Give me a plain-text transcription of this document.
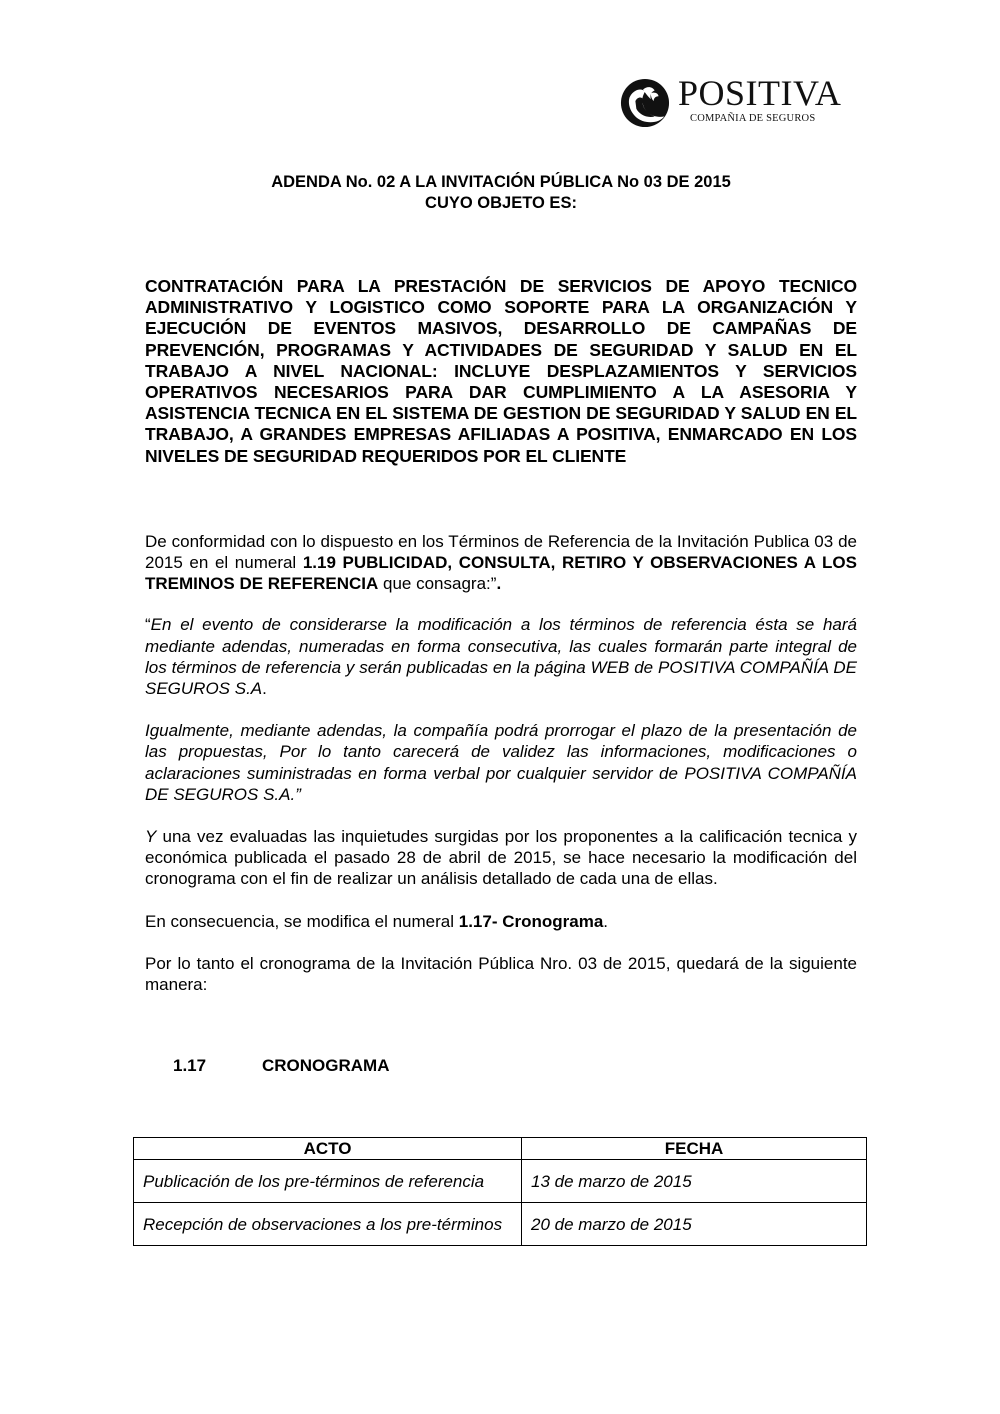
POSITIVA
COMPAÑIA DE SEGUROS
ADENDA No. 02 A LA INVITACIÓN PÚBLICA No 03 DE 2015
CUYO OBJETO ES:
CONTRATACIÓN PARA LA PRESTACIÓN DE SERVICIOS DE APOYO TECNICO ADMINISTRATIVO Y LOGISTICO COMO SOPORTE PARA LA ORGANIZACIÓN Y EJECUCIÓN DE EVENTOS MASIVOS, DESARROLLO DE CAMPAÑAS DE PREVENCIÓN, PROGRAMAS Y ACTIVIDADES DE SEGURIDAD Y SALUD EN EL TRABAJO A NIVEL NACIONAL: INCLUYE DESPLAZAMIENTOS Y SERVICIOS OPERATIVOS NECESARIOS PARA DAR CUMPLIMIENTO A LA ASESORIA Y ASISTENCIA TECNICA EN EL SISTEMA DE GESTION DE SEGURIDAD Y SALUD EN EL TRABAJO, A GRANDES EMPRESAS AFILIADAS A POSITIVA, ENMARCADO EN LOS NIVELES DE SEGURIDAD REQUERIDOS POR EL CLIENTE
De conformidad con lo dispuesto en los Términos de Referencia de la Invitación Publica 03 de 2015 en el numeral 1.19 PUBLICIDAD, CONSULTA, RETIRO Y OBSERVACIONES A LOS TREMINOS DE REFERENCIA que consagra:”.
“En el evento de considerarse la modificación a los términos de referencia ésta se hará mediante adendas, numeradas en forma consecutiva, las cuales formarán parte integral de los términos de referencia y serán publicadas en la página WEB de POSITIVA COMPAÑÍA DE SEGUROS S.A.
Igualmente, mediante adendas, la compañía podrá prorrogar el plazo de la presentación de las propuestas, Por lo tanto carecerá de validez las informaciones, modificaciones o aclaraciones suministradas en forma verbal por cualquier servidor de POSITIVA COMPAÑÍA DE SEGUROS S.A.”
Y una vez evaluadas las inquietudes surgidas por los proponentes a la calificación tecnica y económica publicada el pasado 28 de abril de 2015, se hace necesario la modificación del cronograma con el fin de realizar un análisis detallado de cada una de ellas.
En consecuencia, se modifica el numeral 1.17- Cronograma.
Por lo tanto el cronograma de la Invitación Pública Nro. 03 de 2015, quedará de la siguiente manera:
1.17	CRONOGRAMA
ACTO	FECHA
Publicación de los pre-términos de referencia	13 de marzo de 2015
Recepción de observaciones a los pre-términos	20 de marzo de 2015
